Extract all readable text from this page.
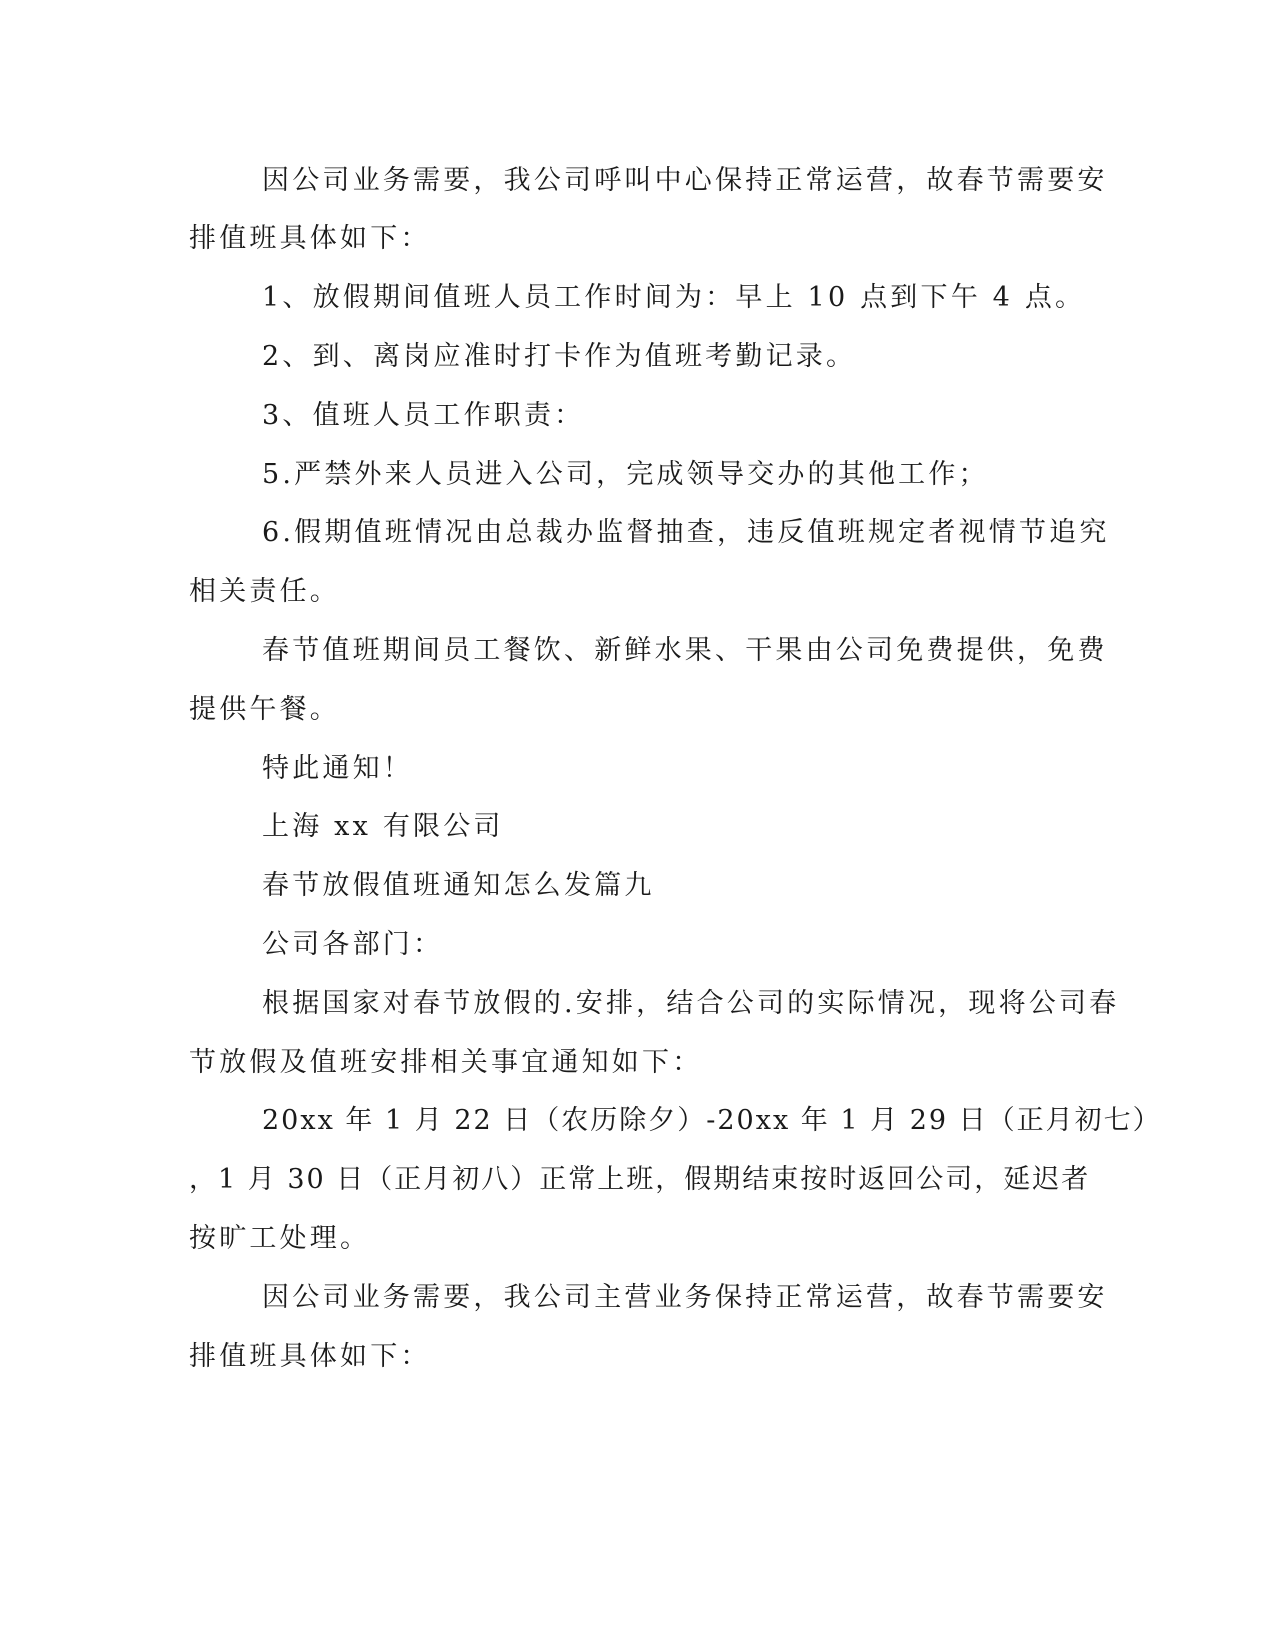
因公司业务需要，我公司呼叫中心保持正常运营，故春节需要安

排值班具体如下：

1、放假期间值班人员工作时间为：早上 10 点到下午 4 点。

2、到、离岗应准时打卡作为值班考勤记录。

3、值班人员工作职责：

5.严禁外来人员进入公司，完成领导交办的其他工作；

6.假期值班情况由总裁办监督抽查，违反值班规定者视情节追究

相关责任。

春节值班期间员工餐饮、新鲜水果、干果由公司免费提供，免费

提供午餐。

特此通知！

上海 xx 有限公司

春节放假值班通知怎么发篇九

公司各部门：

根据国家对春节放假的.安排，结合公司的实际情况，现将公司春

节放假及值班安排相关事宜通知如下：

20xx 年 1 月 22 日（农历除夕）-20xx 年 1 月 29 日（正月初七）

，1 月 30 日（正月初八）正常上班，假期结束按时返回公司，延迟者

按旷工处理。

因公司业务需要，我公司主营业务保持正常运营，故春节需要安

排值班具体如下：
